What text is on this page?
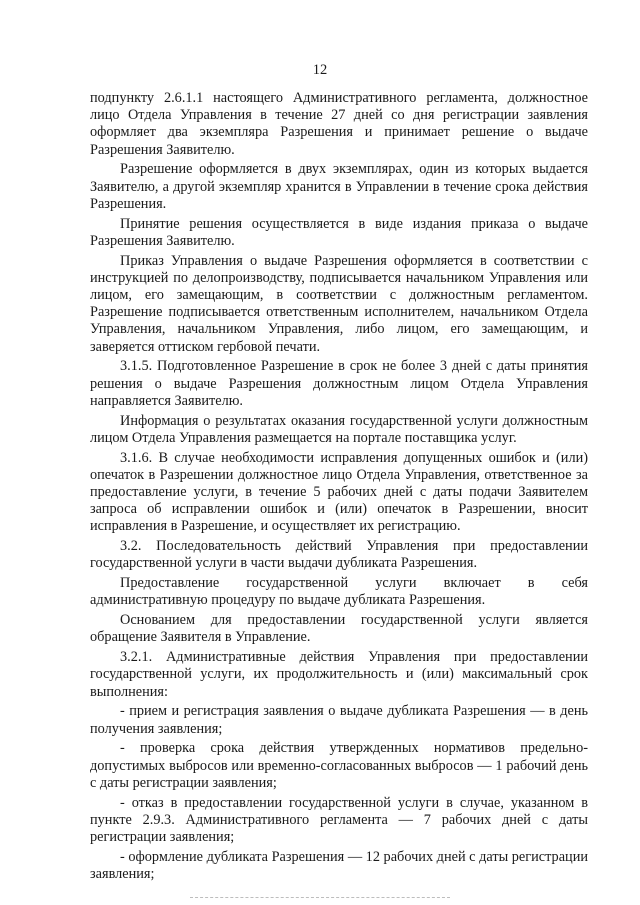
12

подпункту 2.6.1.1 настоящего Административного регламента, должностное лицо Отдела Управления в течение 27 дней со дня регистрации заявления оформляет два экземпляра Разрешения и принимает решение о выдаче Разрешения Заявителю.

Разрешение оформляется в двух экземплярах, один из которых выдается Заявителю, а другой экземпляр хранится в Управлении в течение срока действия Разрешения.

Принятие решения осуществляется в виде издания приказа о выдаче Разрешения Заявителю.

Приказ Управления о выдаче Разрешения оформляется в соответствии с инструкцией по делопроизводству, подписывается начальником Управления или лицом, его замещающим, в соответствии с должностным регламентом. Разрешение подписывается ответственным исполнителем, начальником Отдела Управления, начальником Управления, либо лицом, его замещающим, и заверяется оттиском гербовой печати.

3.1.5. Подготовленное Разрешение в срок не более 3 дней с даты принятия решения о выдаче Разрешения должностным лицом Отдела Управления направляется Заявителю.

Информация о результатах оказания государственной услуги должностным лицом Отдела Управления размещается на портале поставщика услуг.

3.1.6. В случае необходимости исправления допущенных ошибок и (или) опечаток в Разрешении должностное лицо Отдела Управления, ответственное за предоставление услуги, в течение 5 рабочих дней с даты подачи Заявителем запроса об исправлении ошибок и (или) опечаток в Разрешении, вносит исправления в Разрешение, и осуществляет их регистрацию.

3.2. Последовательность действий Управления при предоставлении государственной услуги в части выдачи дубликата Разрешения.

Предоставление государственной услуги включает в себя административную процедуру по выдаче дубликата Разрешения.

Основанием для предоставлении государственной услуги является обращение Заявителя в Управление.

3.2.1. Административные действия Управления при предоставлении государственной услуги, их продолжительность и (или) максимальный срок выполнения:

- прием и регистрация заявления о выдаче дубликата Разрешения — в день получения заявления;

- проверка срока действия утвержденных нормативов предельно-допустимых выбросов или временно-согласованных выбросов — 1 рабочий день с даты регистрации заявления;

- отказ в предоставлении государственной услуги в случае, указанном в пункте 2.9.3. Административного регламента — 7 рабочих дней с даты регистрации заявления;

- оформление дубликата Разрешения — 12 рабочих дней с даты регистрации заявления;
